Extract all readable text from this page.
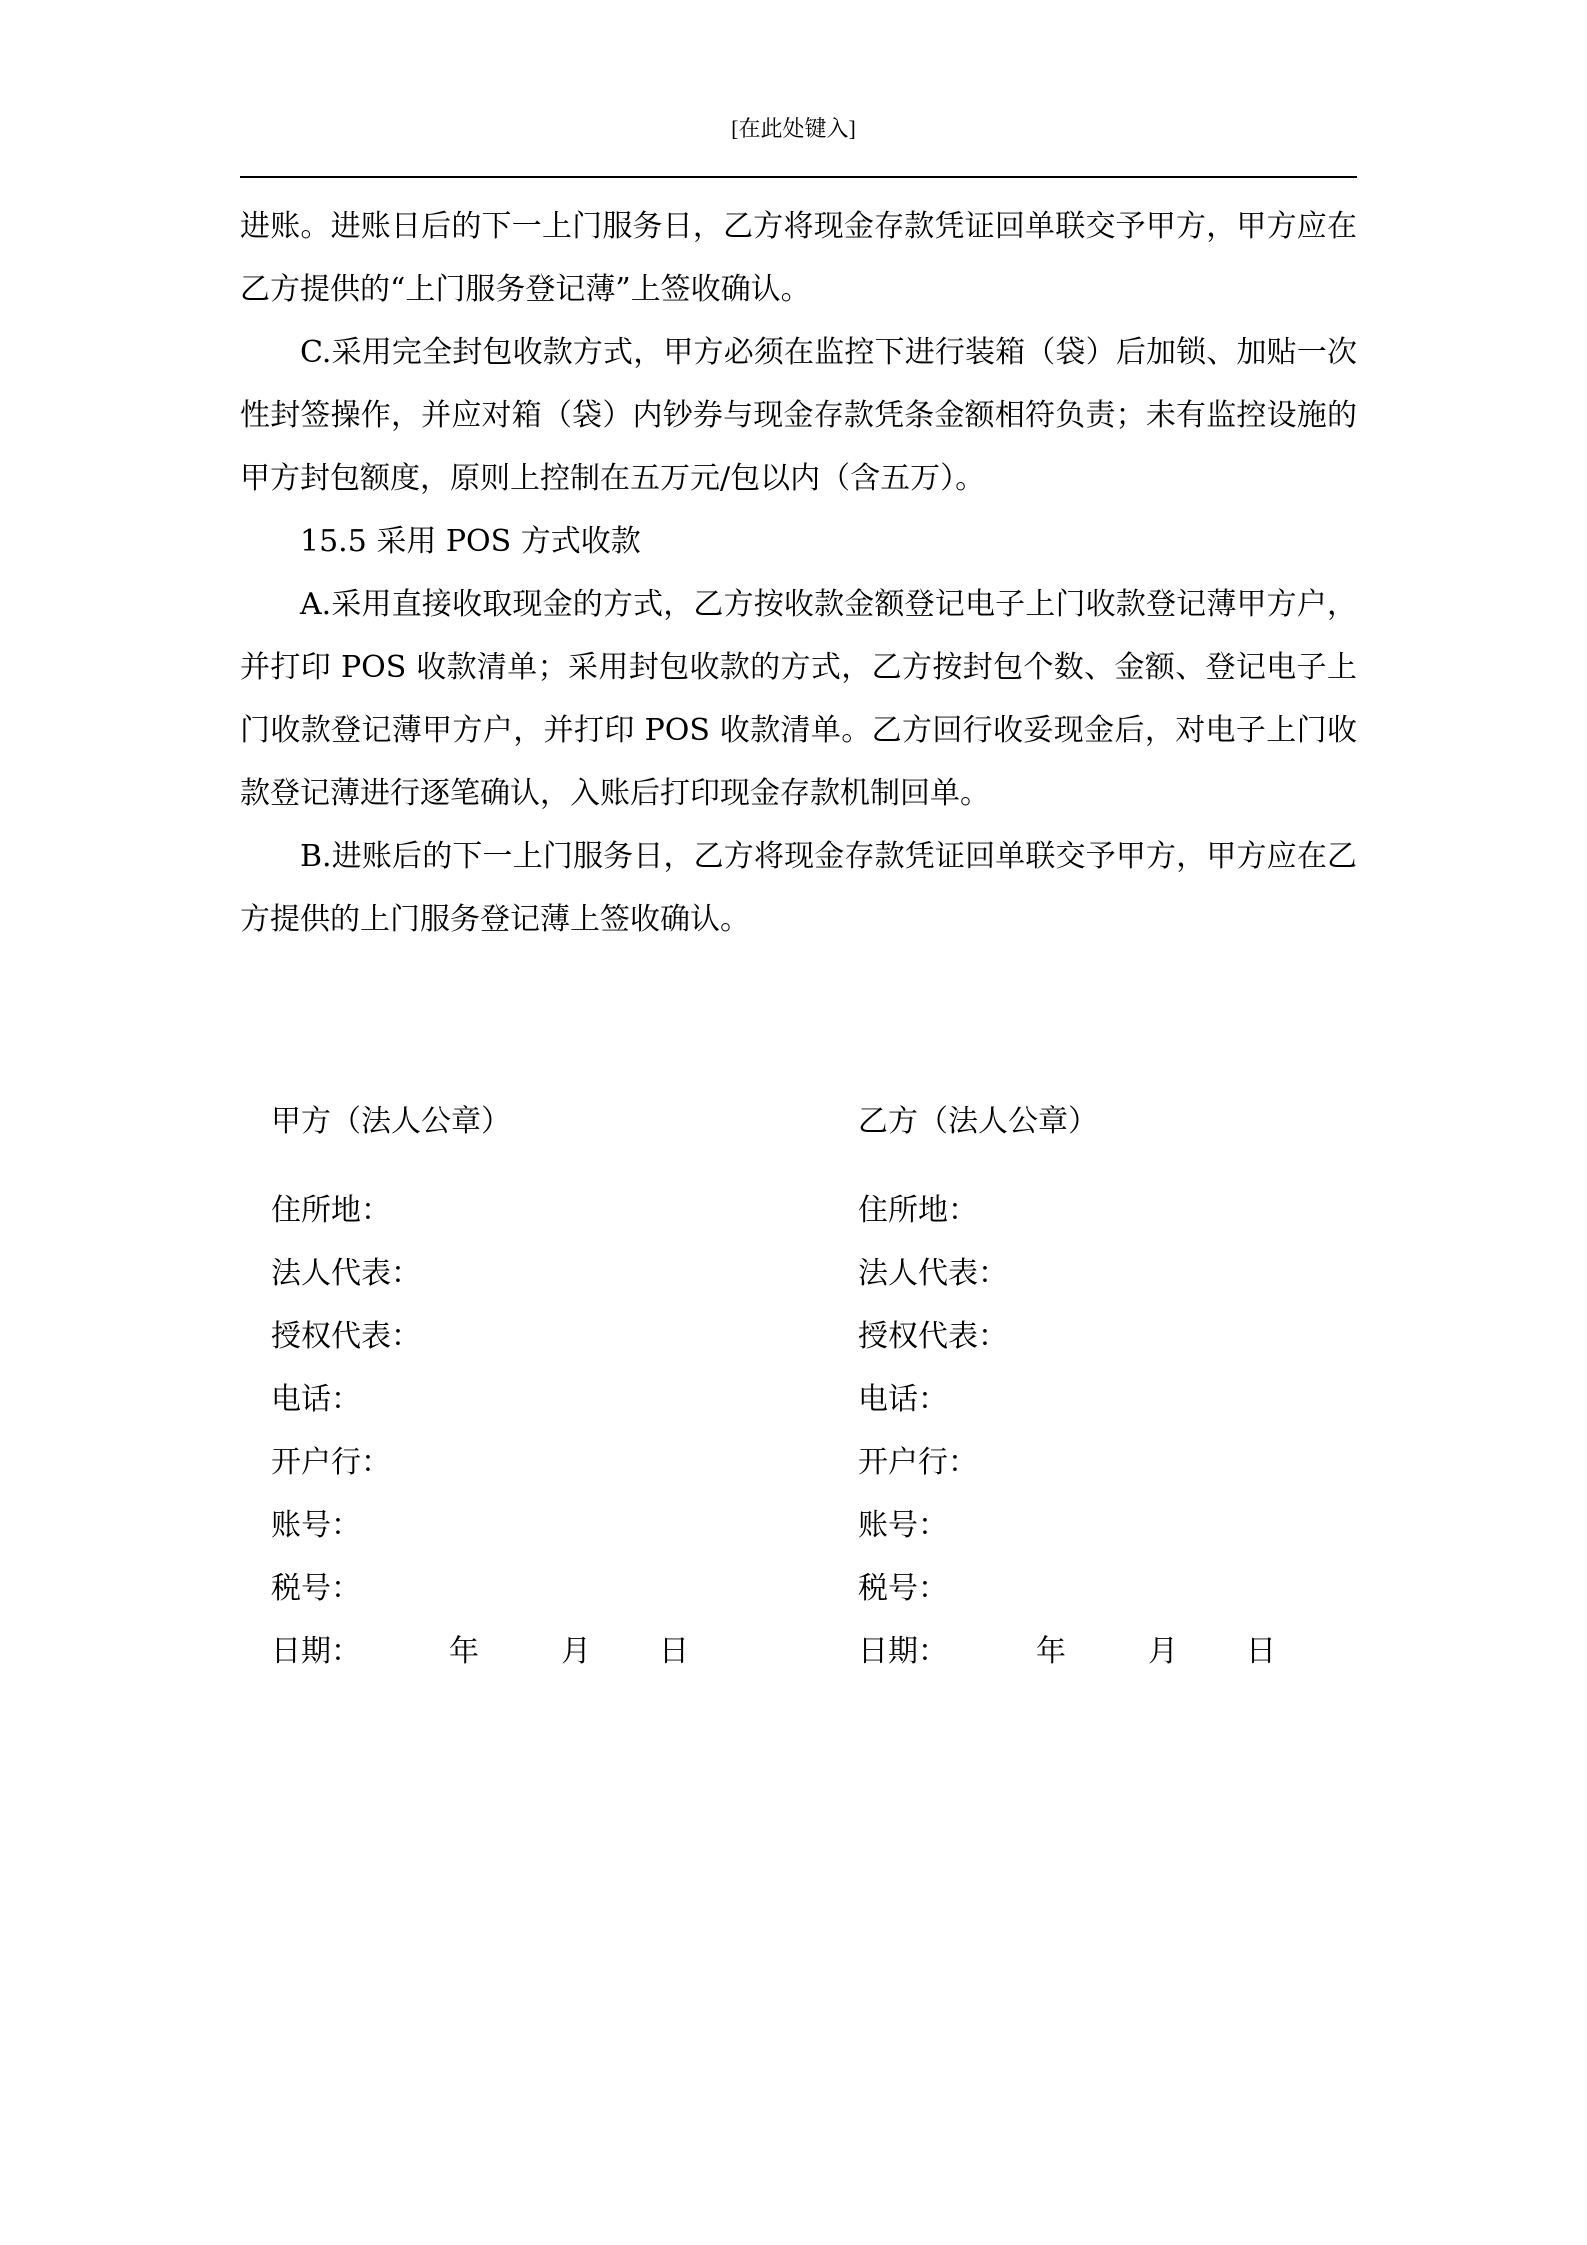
[在此处键入]

进账。进账日后的下一上门服务日，乙方将现金存款凭证回单联交予甲方，甲方应在乙方提供的“上门服务登记薄”上签收确认。

C.采用完全封包收款方式，甲方必须在监控下进行装箱（袋）后加锁、加贴一次性封签操作，并应对箱（袋）内钞券与现金存款凭条金额相符负责；未有监控设施的甲方封包额度，原则上控制在五万元/包以内（含五万）。

15.5 采用 POS 方式收款

A.采用直接收取现金的方式，乙方按收款金额登记电子上门收款登记薄甲方户，并打印 POS 收款清单；采用封包收款的方式，乙方按封包个数、金额、登记电子上门收款登记薄甲方户，并打印 POS 收款清单。乙方回行收妥现金后，对电子上门收款登记薄进行逐笔确认，入账后打印现金存款机制回单。

B.进账后的下一上门服务日，乙方将现金存款凭证回单联交予甲方，甲方应在乙方提供的上门服务登记薄上签收确认。

甲方（法人公章）
住所地：
法人代表：
授权代表：
电话：
开户行：
账号：
税号：
日期：	年	月 日
乙方（法人公章）
住所地：
法人代表：
授权代表：
电话：
开户行：
账号：
税号：
日期：	年	月 日
